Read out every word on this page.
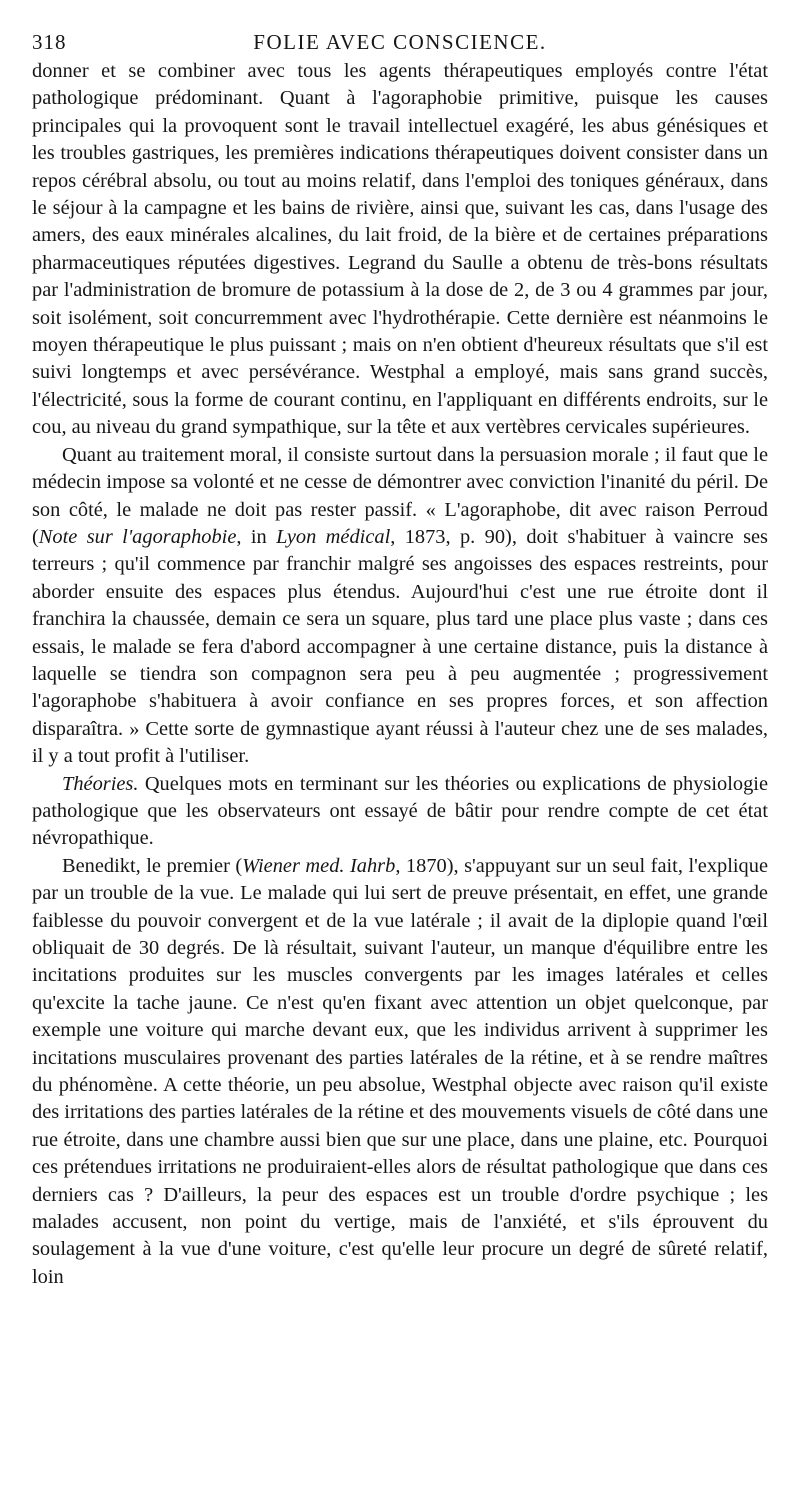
318	FOLIE AVEC CONSCIENCE.

donner et se combiner avec tous les agents thérapeutiques employés contre l'état pathologique prédominant. Quant à l'agoraphobie primitive, puisque les causes principales qui la provoquent sont le travail intellectuel exagéré, les abus génésiques et les troubles gastriques, les premières indications thérapeutiques doivent consister dans un repos cérébral absolu, ou tout au moins relatif, dans l'emploi des toniques généraux, dans le séjour à la campagne et les bains de rivière, ainsi que, suivant les cas, dans l'usage des amers, des eaux minérales alcalines, du lait froid, de la bière et de certaines préparations pharmaceutiques réputées digestives. Legrand du Saulle a obtenu de très-bons résultats par l'administration de bromure de potassium à la dose de 2, de 3 ou 4 grammes par jour, soit isolément, soit concurremment avec l'hydrothérapie. Cette dernière est néanmoins le moyen thérapeutique le plus puissant ; mais on n'en obtient d'heureux résultats que s'il est suivi longtemps et avec persévérance. Westphal a employé, mais sans grand succès, l'électricité, sous la forme de courant continu, en l'appliquant en différents endroits, sur le cou, au niveau du grand sympathique, sur la tête et aux vertèbres cervicales supérieures.

Quant au traitement moral, il consiste surtout dans la persuasion morale ; il faut que le médecin impose sa volonté et ne cesse de démontrer avec conviction l'inanité du péril. De son côté, le malade ne doit pas rester passif. « L'agoraphobe, dit avec raison Perroud (Note sur l'agoraphobie, in Lyon médical, 1873, p. 90), doit s'habituer à vaincre ses terreurs ; qu'il commence par franchir malgré ses angoisses des espaces restreints, pour aborder ensuite des espaces plus étendus. Aujourd'hui c'est une rue étroite dont il franchira la chaussée, demain ce sera un square, plus tard une place plus vaste ; dans ces essais, le malade se fera d'abord accompagner à une certaine distance, puis la distance à laquelle se tiendra son compagnon sera peu à peu augmentée ; progressivement l'agoraphobe s'habituera à avoir confiance en ses propres forces, et son affection disparaîtra. » Cette sorte de gymnastique ayant réussi à l'auteur chez une de ses malades, il y a tout profit à l'utiliser.

Théories. Quelques mots en terminant sur les théories ou explications de physiologie pathologique que les observateurs ont essayé de bâtir pour rendre compte de cet état névropathique.

Benedikt, le premier (Wiener med. Iahrb, 1870), s'appuyant sur un seul fait, l'explique par un trouble de la vue. Le malade qui lui sert de preuve présentait, en effet, une grande faiblesse du pouvoir convergent et de la vue latérale ; il avait de la diplopie quand l'œil obliquait de 30 degrés. De là résultait, suivant l'auteur, un manque d'équilibre entre les incitations produites sur les muscles convergents par les images latérales et celles qu'excite la tache jaune. Ce n'est qu'en fixant avec attention un objet quelconque, par exemple une voiture qui marche devant eux, que les individus arrivent à supprimer les incitations musculaires provenant des parties latérales de la rétine, et à se rendre maîtres du phénomène. A cette théorie, un peu absolue, Westphal objecte avec raison qu'il existe des irritations des parties latérales de la rétine et des mouvements visuels de côté dans une rue étroite, dans une chambre aussi bien que sur une place, dans une plaine, etc. Pourquoi ces prétendues irritations ne produiraient-elles alors de résultat pathologique que dans ces derniers cas ? D'ailleurs, la peur des espaces est un trouble d'ordre psychique ; les malades accusent, non point du vertige, mais de l'anxiété, et s'ils éprouvent du soulagement à la vue d'une voiture, c'est qu'elle leur procure un degré de sûreté relatif, loin
